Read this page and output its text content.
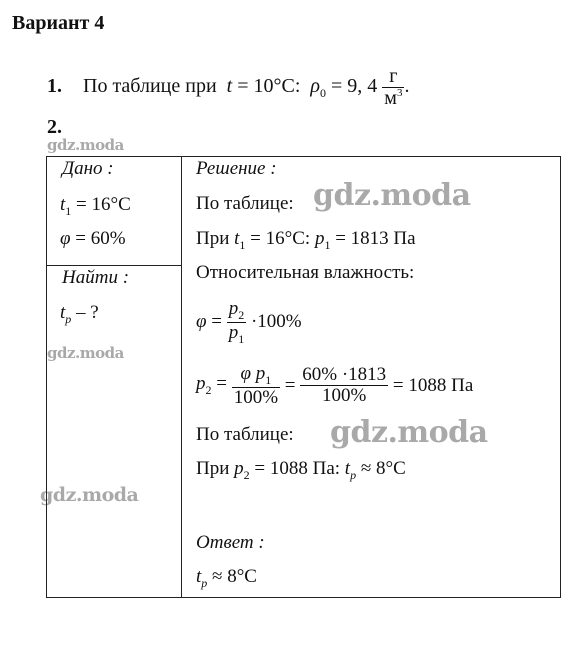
Вариант 4
1. По таблице при t = 10°С: $\rho_0 = 9$, $4 \frac{г}{м^3}$ .
2.
gdz.moda
gdz.moda
gdz.moda
gdz.moda
gdz.moda
Дано :
$t_1 = 16^\circ C$
φ = 60%
Найти :
$t_р$ – ?
Решение :
По таблице:
При $t_1 = 16^\circ C$: $p_1 = 1813$ Па
Относительная влажность:
$\varphi = \frac{p_2}{p_1} \cdot 100\%$
$p_2 = \frac{\varphi p_1}{100\%} = \frac{60\% \cdot 1813}{100\%} = 1088$ Па
По таблице:
При $p_2 = 1088$ Па: $t_р \approx 8^\circ C$
Ответ :
$t_р \approx 8^\circ C$
